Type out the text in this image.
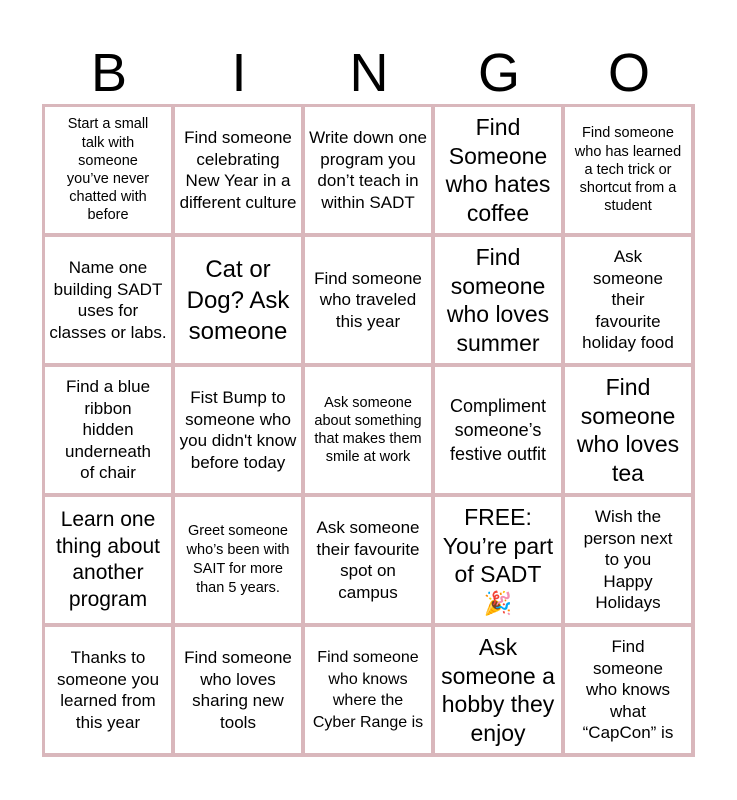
B	I	N	G	O
Start a small talk with someone you’ve never chatted with before
Find someone celebrating New Year in a different culture
Write down one program you don’t teach in within SADT
Find Someone who hates coffee
Find someone who has learned a tech trick or shortcut from a student
Name one building SADT uses for classes or labs.
Cat or Dog? Ask someone
Find someone who traveled this year
Find someone who loves summer
Ask someone their favourite holiday food
Find a blue ribbon hidden underneath of chair
Fist Bump to someone who you didn't know before today
Ask someone about something that makes them smile at work
Compliment someone’s festive outfit
Find someone who loves tea
Learn one thing about another program
Greet someone who’s been with SAIT for more than 5 years.
Ask someone their favourite spot on campus
FREE: You’re part of SADT 🎉
Wish the person next to you Happy Holidays
Thanks to someone you learned from this year
Find someone who loves sharing new tools
Find someone who knows where the Cyber Range is
Ask someone a hobby they enjoy
Find someone who knows what “CapCon” is
